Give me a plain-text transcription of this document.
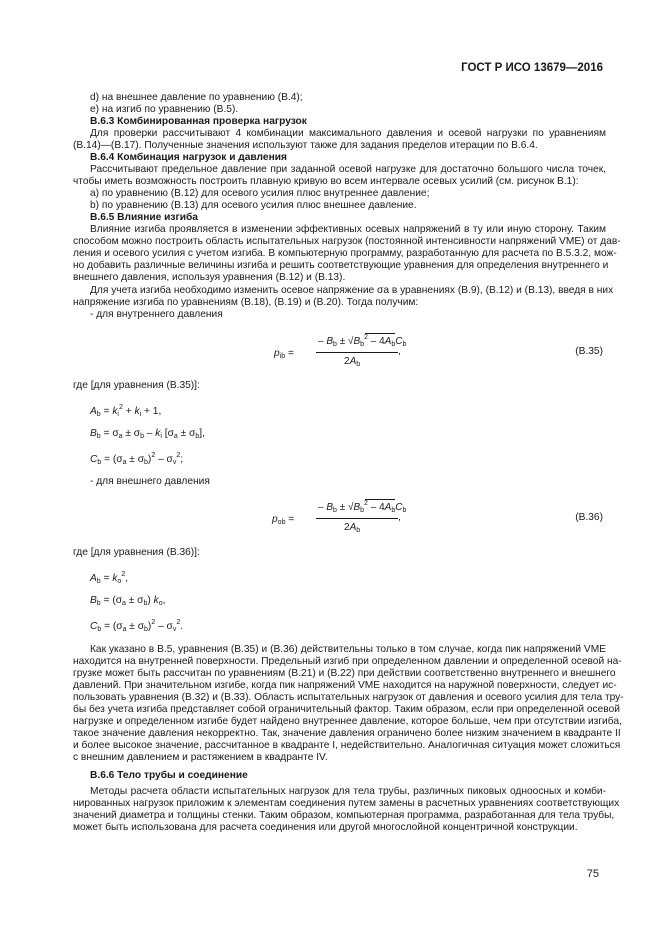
ГОСТ Р ИСО 13679—2016
d) на внешнее давление по уравнению (В.4);
e) на изгиб по уравнению (В.5).
В.6.3 Комбинированная проверка нагрузок
Для проверки рассчитывают 4 комбинации максимального давления и осевой нагрузки по уравнениям
(В.14)—(В.17). Полученные значения используют также для задания пределов итерации по В.6.4.
В.6.4 Комбинация нагрузок и давления
Рассчитывают предельное давление при заданной осевой нагрузке для достаточно большого числа точек,
чтобы иметь возможность построить плавную кривую во всем интервале осевых усилий (см. рисунок В.1):
a) по уравнению (В.12) для осевого усилия плюс внутреннее давление;
b) по уравнению (В.13) для осевого усилия плюс внешнее давление.
В.6.5 Влияние изгиба
Влияние изгиба проявляется в изменении эффективных осевых напряжений в ту или иную сторону. Таким
способом можно построить область испытательных нагрузок (постоянной интенсивности напряжений VME) от дав-
ления и осевого усилия с учетом изгиба. В компьютерную программу, разработанную для расчета по В.5.3.2, мож-
но добавить различные величины изгиба и решить соответствующие уравнения для определения внутреннего и
внешнего давления, используя уравнения (В.12) и (В.13).
Для учета изгиба необходимо изменить осевое напряжение σa в уравнениях (В.9), (В.12) и (В.13), введя в них
напряжение изгиба по уравнениям (В.18), (В.19) и (В.20). Тогда получим:
- для внутреннего давления
$p_{ib}$ =
– $B_b \pm √B_b^2 - 4A_bC_b$
$2A_b$
,	(В.35)
где [для уравнения (В.35)]:
$A_b = k_i^2 + k_i + 1$,
$B_b = \sigma_a \pm \sigma_b - k_i$ $[\sigma_a \pm \sigma_b]$,
$C_b = (\sigma_a \pm \sigma_b)^2 - \sigma_v^2$;
- для внешнего давления
$p_{ob}$ =
– $B_b \pm √B_b^2 - 4A_bC_b$
$2A_b$
,	(В.36)
где [для уравнения (В.36)]:
$A_b = k_o^2$,
$B_b = (\sigma_a \pm \sigma_b)$ $k_o$,
$C_b = (\sigma_a \pm \sigma_b)^2 - \sigma_v^2$.
Как указано в В.5, уравнения (В.35) и (В.36) действительны только в том случае, когда пик напряжений VME
находится на внутренней поверхности. Предельный изгиб при определенном давлении и определенной осевой на-
грузке может быть рассчитан по уравнениям (В.21) и (В.22) при действии соответственно внутреннего и внешнего
давлений. При значительном изгибе, когда пик напряжений VME находится на наружной поверхности, следует ис-
пользовать уравнения (В.32) и (В.33). Область испытательных нагрузок от давления и осевого усилия для тела тру-
бы без учета изгиба представляет собой ограничительный фактор. Таким образом, если при определенной осевой
нагрузке и определенном изгибе будет найдено внутреннее давление, которое больше, чем при отсутствии изгиба,
такое значение давления некорректно. Так, значение давления ограничено более низким значением в квадранте II
и более высокое значение, рассчитанное в квадранте I, недействительно. Аналогичная ситуация может сложиться
с внешним давлением и растяжением в квадранте IV.
В.6.6 Тело трубы и соединение
Методы расчета области испытательных нагрузок для тела трубы, различных пиковых одноосных и комби-
нированных нагрузок приложим к элементам соединения путем замены в расчетных уравнениях соответствующих
значений диаметра и толщины стенки. Таким образом, компьютерная программа, разработанная для тела трубы,
может быть использована для расчета соединения или другой многослойной концентричной конструкции.
75
